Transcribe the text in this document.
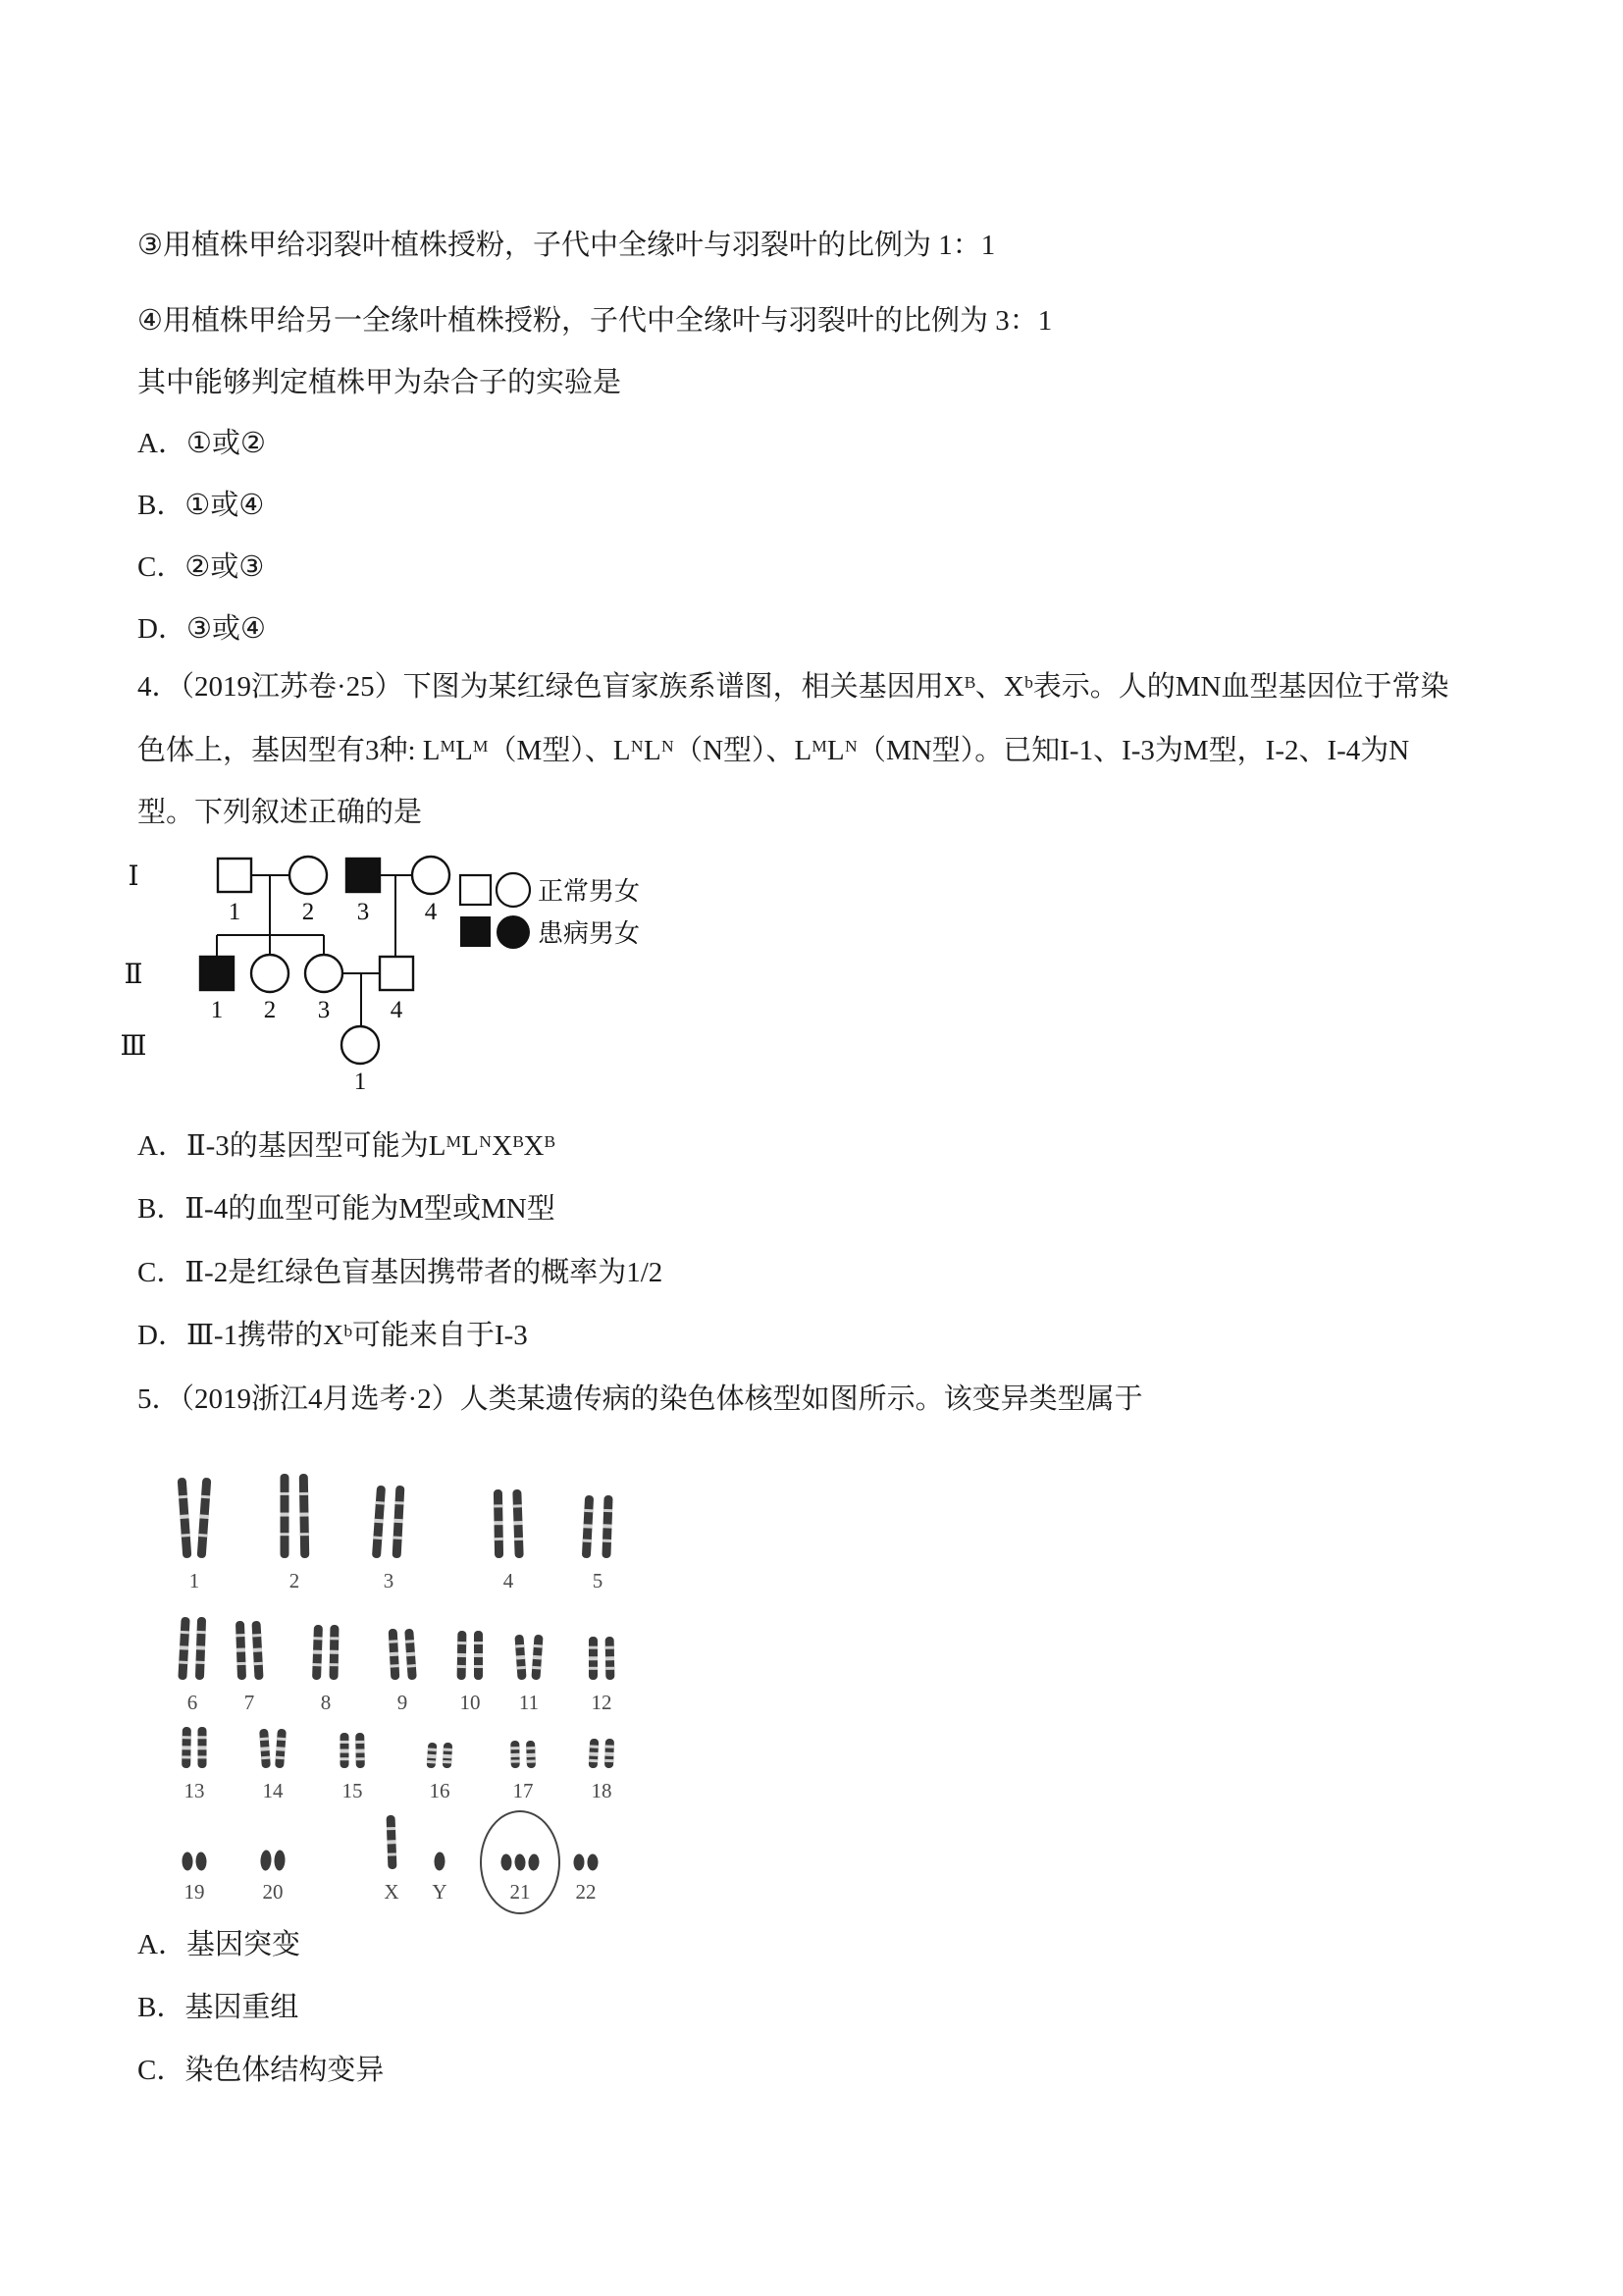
③用植株甲给羽裂叶植株授粉，子代中全缘叶与羽裂叶的比例为 1：1
④用植株甲给另一全缘叶植株授粉，子代中全缘叶与羽裂叶的比例为 3：1
其中能够判定植株甲为杂合子的实验是
A．①或②
B．①或④
C．②或③
D．③或④
4．（2019江苏卷·25）下图为某红绿色盲家族系谱图，相关基因用Xᴮ、Xᵇ表示。人的MN血型基因位于常染
色体上，基因型有3种: LᴹLᴹ（M型）、LᴺLᴺ（N型）、LᴹLᴺ（MN型）。已知I-1、I-3为M型，I-2、I-4为N
型。下列叙述正确的是
Ⅰ
Ⅱ
Ⅲ
1	2 3 4
1 2 3 4
1
正常男女
患病男女
A．Ⅱ-3的基因型可能为LᴹLᴺXᴮXᴮ
B．Ⅱ-4的血型可能为M型或MN型
C．Ⅱ-2是红绿色盲基因携带者的概率为1/2
D．Ⅲ-1携带的Xᵇ可能来自于I-3
5．（2019浙江4月选考·2）人类某遗传病的染色体核型如图所示。该变异类型属于
1	2	3	4	5
6 7	8	9	10 11	12
13	14	15	16	17	18
19	20	X Y	21 22
A．基因突变
B．基因重组
C．染色体结构变异
